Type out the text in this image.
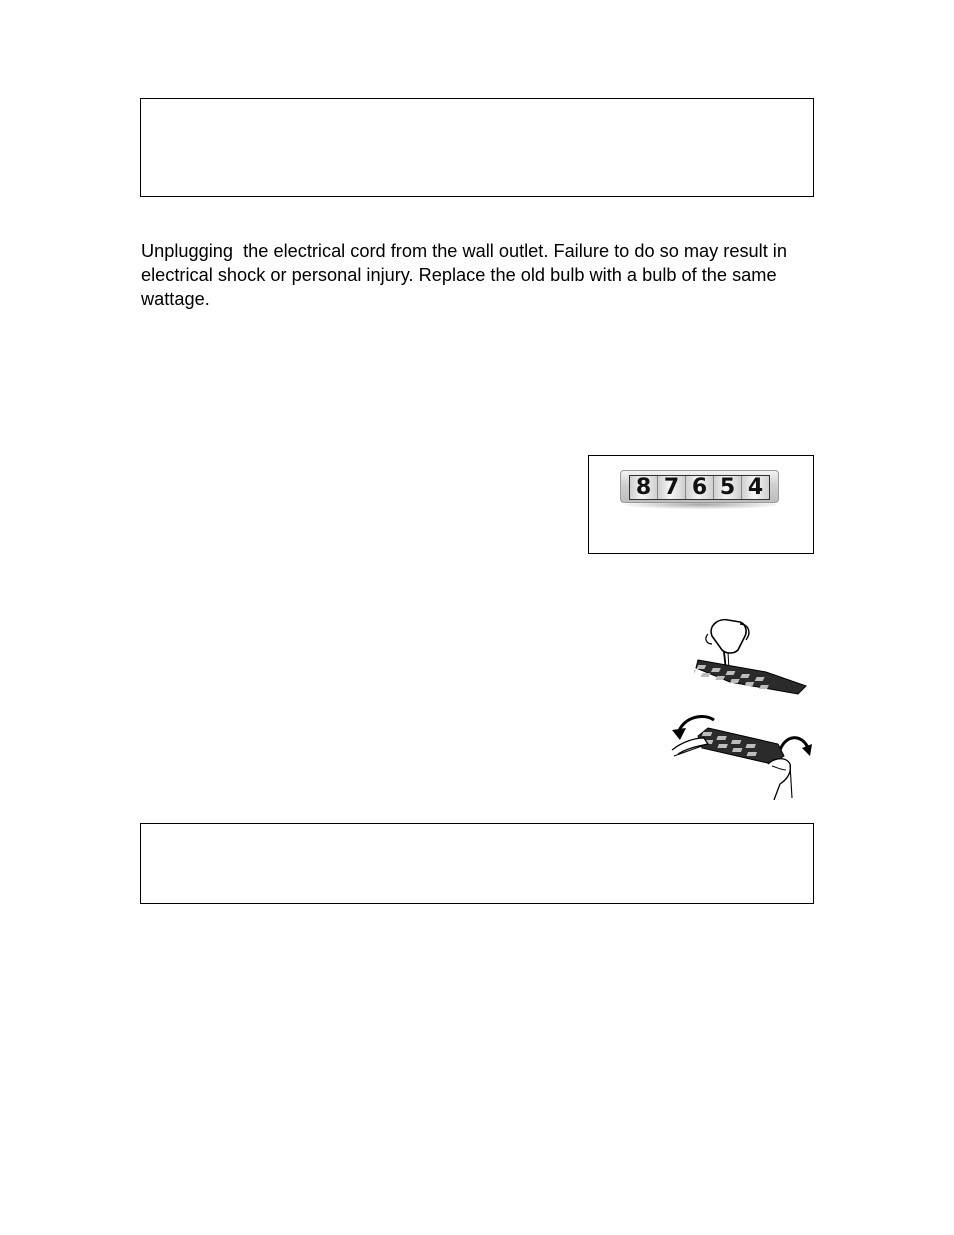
Unplugging  the electrical cord from the wall outlet. Failure to do so may result in electrical shock or personal injury. Replace the old bulb with a bulb of the same wattage.

8 7 6 5 4
